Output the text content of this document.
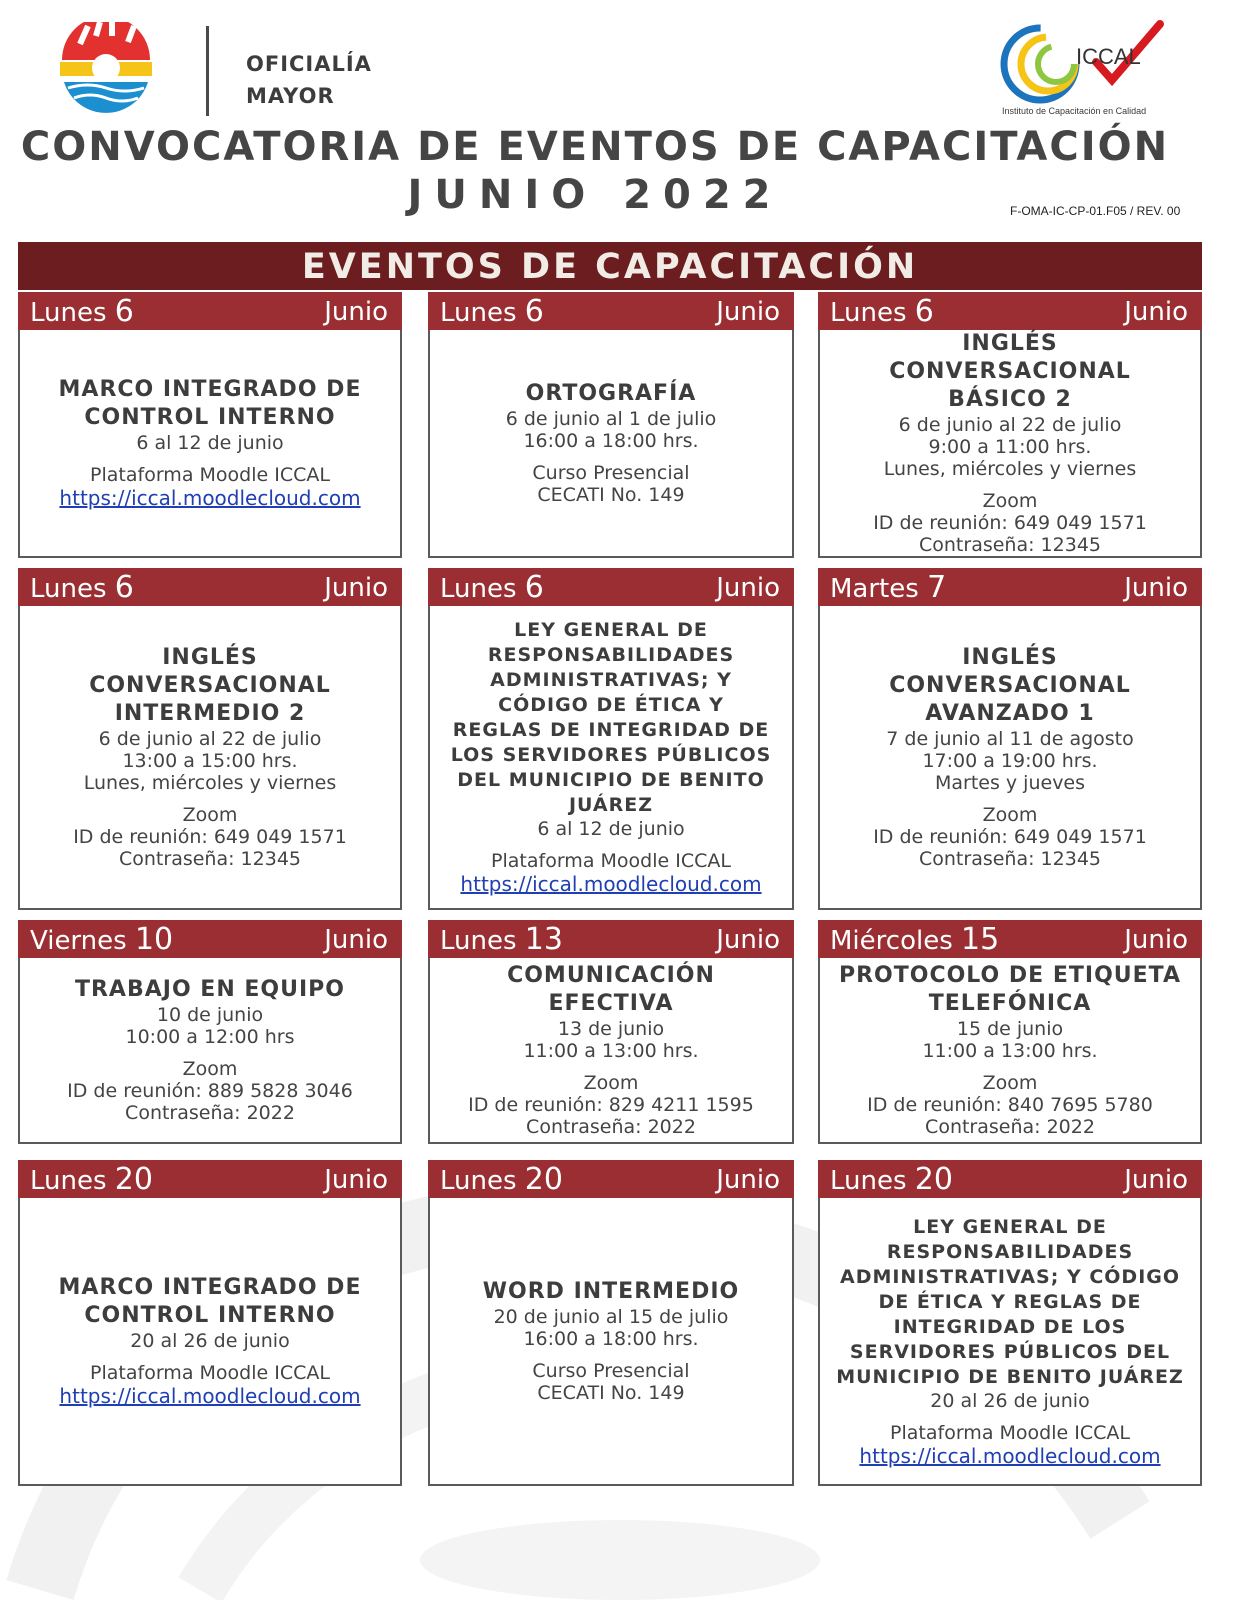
OFICIALÍA
MAYOR
ICCAL
Instituto de Capacitación en Calidad
CONVOCATORIA DE EVENTOS DE CAPACITACIÓN
JUNIO 2022	F-OMA-IC-CP-01.F05 / REV. 00
EVENTOS DE CAPACITACIÓN
Lunes 6	Junio
MARCO INTEGRADO DE
CONTROL INTERNO
6 al 12 de junio
Plataforma Moodle ICCAL
https://iccal.moodlecloud.com
Lunes 6	Junio
ORTOGRAFÍA
6 de junio al 1 de julio
16:00 a 18:00 hrs.
Curso Presencial
CECATI No. 149
Lunes 6	Junio
INGLÉS
CONVERSACIONAL
BÁSICO 2
6 de junio al 22 de julio
9:00 a 11:00 hrs.
Lunes, miércoles y viernes
Zoom
ID de reunión: 649 049 1571
Contraseña: 12345
Lunes 6	Junio
INGLÉS
CONVERSACIONAL
INTERMEDIO 2
6 de junio al 22 de julio
13:00 a 15:00 hrs.
Lunes, miércoles y viernes
Zoom
ID de reunión: 649 049 1571
Contraseña: 12345
Lunes 6	Junio
LEY GENERAL DE
RESPONSABILIDADES
ADMINISTRATIVAS; Y
CÓDIGO DE ÉTICA Y
REGLAS DE INTEGRIDAD DE
LOS SERVIDORES PÚBLICOS
DEL MUNICIPIO DE BENITO
JUÁREZ
6 al 12 de junio
Plataforma Moodle ICCAL
https://iccal.moodlecloud.com
Martes 7	Junio
INGLÉS
CONVERSACIONAL
AVANZADO 1
7 de junio al 11 de agosto
17:00 a 19:00 hrs.
Martes y jueves
Zoom
ID de reunión: 649 049 1571
Contraseña: 12345
Viernes 10	Junio
TRABAJO EN EQUIPO
10 de junio
10:00 a 12:00 hrs
Zoom
ID de reunión: 889 5828 3046
Contraseña: 2022
Lunes 13	Junio
COMUNICACIÓN
EFECTIVA
13 de junio
11:00 a 13:00 hrs.
Zoom
ID de reunión: 829 4211 1595
Contraseña: 2022
Miércoles 15	Junio
PROTOCOLO DE ETIQUETA
TELEFÓNICA
15 de junio
11:00 a 13:00 hrs.
Zoom
ID de reunión: 840 7695 5780
Contraseña: 2022
Lunes 20	Junio
MARCO INTEGRADO DE
CONTROL INTERNO
20 al 26 de junio
Plataforma Moodle ICCAL
https://iccal.moodlecloud.com
Lunes 20	Junio
WORD INTERMEDIO
20 de junio al 15 de julio
16:00 a 18:00 hrs.
Curso Presencial
CECATI No. 149
Lunes 20	Junio
LEY GENERAL DE
RESPONSABILIDADES
ADMINISTRATIVAS; Y CÓDIGO
DE ÉTICA Y REGLAS DE
INTEGRIDAD DE LOS
SERVIDORES PÚBLICOS DEL
MUNICIPIO DE BENITO JUÁREZ
20 al 26 de junio
Plataforma Moodle ICCAL
https://iccal.moodlecloud.com
